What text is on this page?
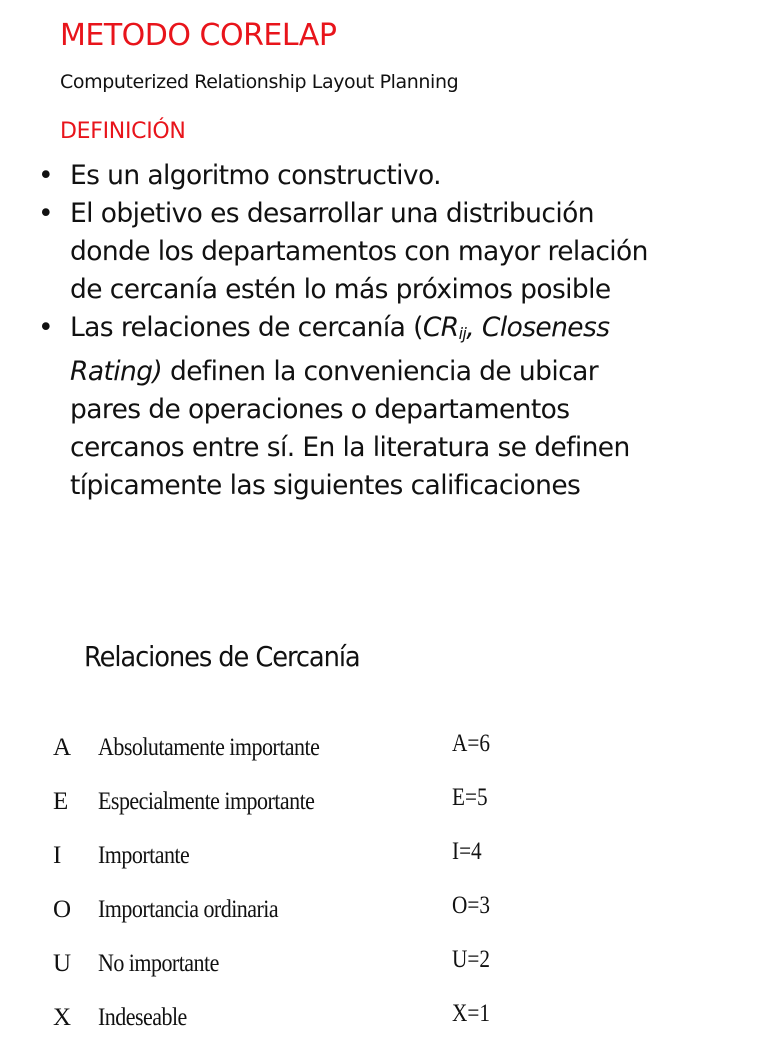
METODO CORELAP
Computerized Relationship Layout Planning
DEFINICIÓN
• Es un algoritmo constructivo.
• El objetivo es desarrollar una distribución
donde los departamentos con mayor relación
de cercanía estén lo más próximos posible
• Las relaciones de cercanía (CRij, Closeness
Rating) definen la conveniencia de ubicar
pares de operaciones o departamentos
cercanos entre sí. En la literatura se definen
típicamente las siguientes calificaciones
Relaciones de Cercanía
A Absolutamente importante	A=6
E Especialmente importante	E=5
I Importante	I=4
O Importancia ordinaria	O=3
U No importante	U=2
X Indeseable	X=1
